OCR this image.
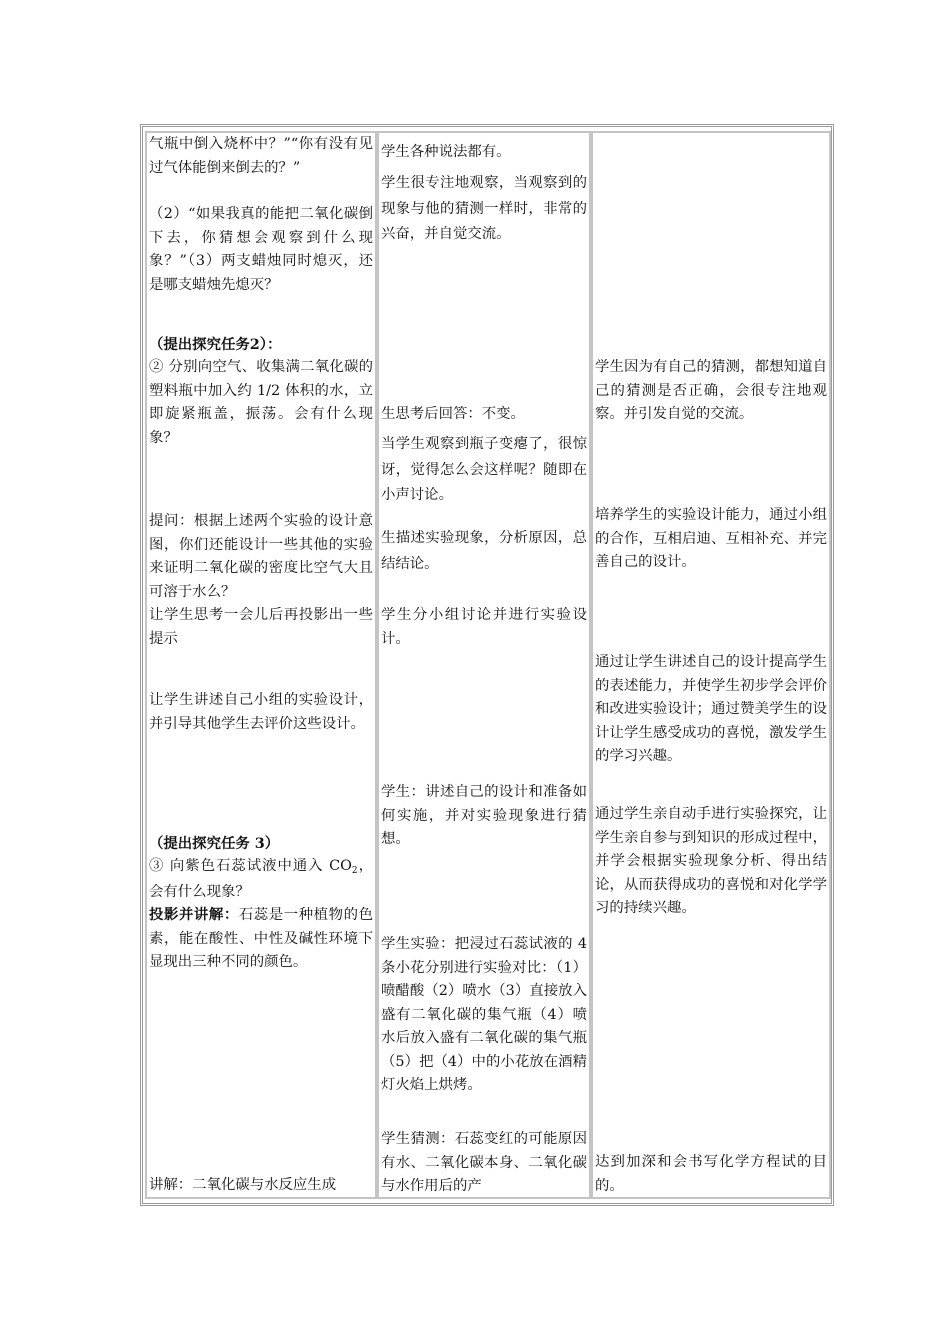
气瓶中倒入烧杯中？”“你有没有见过气体能倒来倒去的？”

（2）“如果我真的能把二氧化碳倒下去，你猜想会观察到什么现象？”（3）两支蜡烛同时熄灭，还是哪支蜡烛先熄灭？

（提出探究任务2）：

② 分别向空气、收集满二氧化碳的塑料瓶中加入约 1/2 体积的水，立即旋紧瓶盖，振荡。会有什么现象？

提问：根据上述两个实验的设计意图，你们还能设计一些其他的实验来证明二氧化碳的密度比空气大且可溶于水么？

让学生思考一会儿后再投影出一些提示

让学生讲述自己小组的实验设计，并引导其他学生去评价这些设计。

（提出探究任务 3）

③ 向紫色石蕊试液中通入 $CO_2$，会有什么现象？

投影并讲解：石蕊是一种植物的色素，能在酸性、中性及碱性环境下显现出三种不同的颜色。

讲解：二氧化碳与水反应生成

学生各种说法都有。

学生很专注地观察，当观察到的现象与他的猜测一样时，非常的兴奋，并自觉交流。

生思考后回答：不变。

当学生观察到瓶子变瘪了，很惊讶，觉得怎么会这样呢？随即在小声讨论。

生描述实验现象，分析原因，总结结论。

学生分小组讨论并进行实验设计。

学生：讲述自己的设计和准备如何实施，并对实验现象进行猜想。

学生实验：把浸过石蕊试液的 4 条小花分别进行实验对比：（1）喷醋酸（2）喷水（3）直接放入盛有二氧化碳的集气瓶（4）喷水后放入盛有二氧化碳的集气瓶（5）把（4）中的小花放在酒精灯火焰上烘烤。

学生猜测：石蕊变红的可能原因有水、二氧化碳本身、二氧化碳与水作用后的产

学生因为有自己的猜测，都想知道自己的猜测是否正确，会很专注地观察。并引发自觉的交流。

培养学生的实验设计能力，通过小组的合作，互相启迪、互相补充、并完善自己的设计。

通过让学生讲述自己的设计提高学生的表述能力，并使学生初步学会评价和改进实验设计；通过赞美学生的设计让学生感受成功的喜悦，激发学生的学习兴趣。

通过学生亲自动手进行实验探究，让学生亲自参与到知识的形成过程中，并学会根据实验现象分析、得出结论，从而获得成功的喜悦和对化学学习的持续兴趣。

达到加深和会书写化学方程试的目的。
